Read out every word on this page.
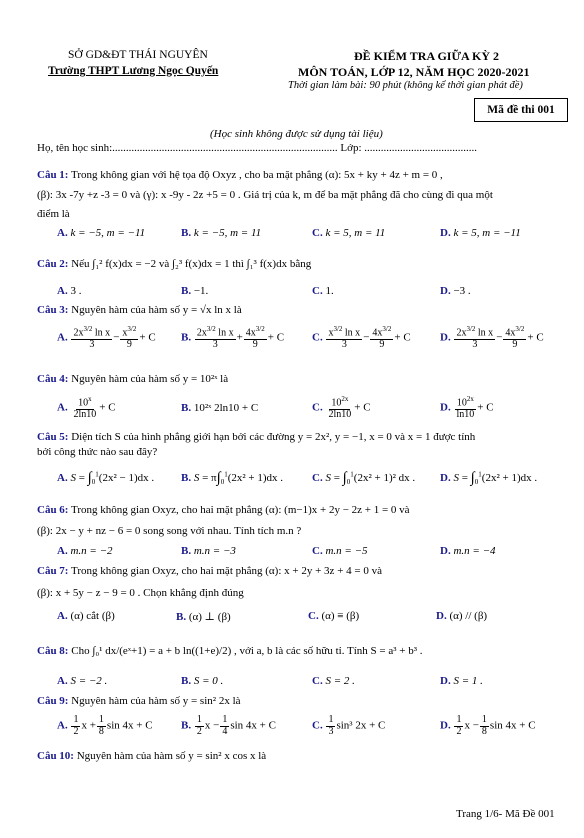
SỞ GD&ĐT THÁI NGUYÊN
Trường THPT Lương Ngọc Quyến
ĐỀ KIỂM TRA GIỮA KỲ 2
MÔN TOÁN, LỚP 12, NĂM HỌC 2020-2021
Thời gian làm bài: 90 phút (không kể thời gian phát đề)
Mã đề thi 001
(Học sinh không được sử dụng tài liệu)
Họ, tên học sinh:.................................................................................. Lớp: .........................................
Câu 1: Trong không gian với hệ tọa độ Oxyz , cho ba mặt phẳng (α): 5x + ky + 4z + m = 0 ,
(β): 3x -7y +z -3 = 0 và (γ): x -9y - 2z +5 = 0 . Giá trị của k, m để ba mặt phẳng đã cho cùng đi qua một
điểm là
A. k = −5, m = −11	B. k = −5, m = 11	C. k = 5, m = 11	D. k = 5, m = −11
Câu 2: Nếu ∫₁² f(x)dx = −2 và ∫₂³ f(x)dx = 1 thì ∫₁³ f(x)dx bằng
A. 3 .	B. −1.	C. 1.	D. −3 .
Câu 3: Nguyên hàm của hàm số y = √x ln x là
A. $\frac{2x^{3/2} \ln x}{3} - \frac{x^{3/2}}{9} + C$ B. $\frac{2x^{3/2} \ln x}{3} + \frac{4x^{3/2}}{9} + C$	C. $\frac{x^{3/2} \ln x}{3} - \frac{4x^{3/2}}{9} + C$	D. $\frac{2x^{3/2} \ln x}{3} - \frac{4x^{3/2}}{9} + C$
Câu 4: Nguyên hàm của hàm số y = 10²ˣ là
A. $\frac{10^x}{2\ln 10} + C$	B. 10²ˣ 2ln10 + C	C. $\frac{10^{2x}}{2\ln 10} + C$	D. $\frac{10^{2x}}{\ln 10} + C$
Câu 5: Diện tích S của hình phẳng giới hạn bởi các đường y = 2x², y = −1, x = 0 và x = 1 được tính
bởi công thức nào sau đây?
A. $S = \int_0^1(2x^2 - 1)dx$ . B. $S = \pi\int_0^1(2x^2 + 1)dx$ .	C. $S = \int_0^1(2x^2 + 1)^2$ dx . D. $S = \int_0^1(2x^2 + 1)dx$ .
Câu 6: Trong không gian Oxyz, cho hai mặt phẳng (α): (m−1)x + 2y − 2z + 1 = 0 và
(β): 2x − y + nz − 6 = 0 song song với nhau. Tính tích m.n ?
A. m.n = −2	B. m.n = −3	C. m.n = −5	D. m.n = −4
Câu 7: Trong không gian Oxyz, cho hai mặt phẳng (α): x + 2y + 3z + 4 = 0 và
(β): x + 5y − z − 9 = 0 . Chọn khẳng định đúng
A. (α) cắt (β)	B. (α) ⊥ (β)	C. (α) ≡ (β)	D. (α) // (β)
Câu 8: Cho ∫₀¹ dx/(eˣ+1) = a + b ln((1+e)/2) , với a, b là các số hữu tỉ. Tính S = a³ + b³ .
A. S = −2 .	B. S = 0 .	C. S = 2 .	D. S = 1 .
Câu 9: Nguyên hàm của hàm số y = sin² 2x là
A. $\frac{1}{2}$ $x + \frac{1}{8}$ sin 4x + C	B. $\frac{1}{2}$ $x - \frac{1}{4}$ sin 4x + C	C. $\frac{1}{3} \sin^3$ 2x + C	D. $\frac{1}{2}$ $x - \frac{1}{8}$ sin 4x + C
Câu 10: Nguyên hàm của hàm số y = sin² x cos x là
Trang 1/6- Mã Đề 001
